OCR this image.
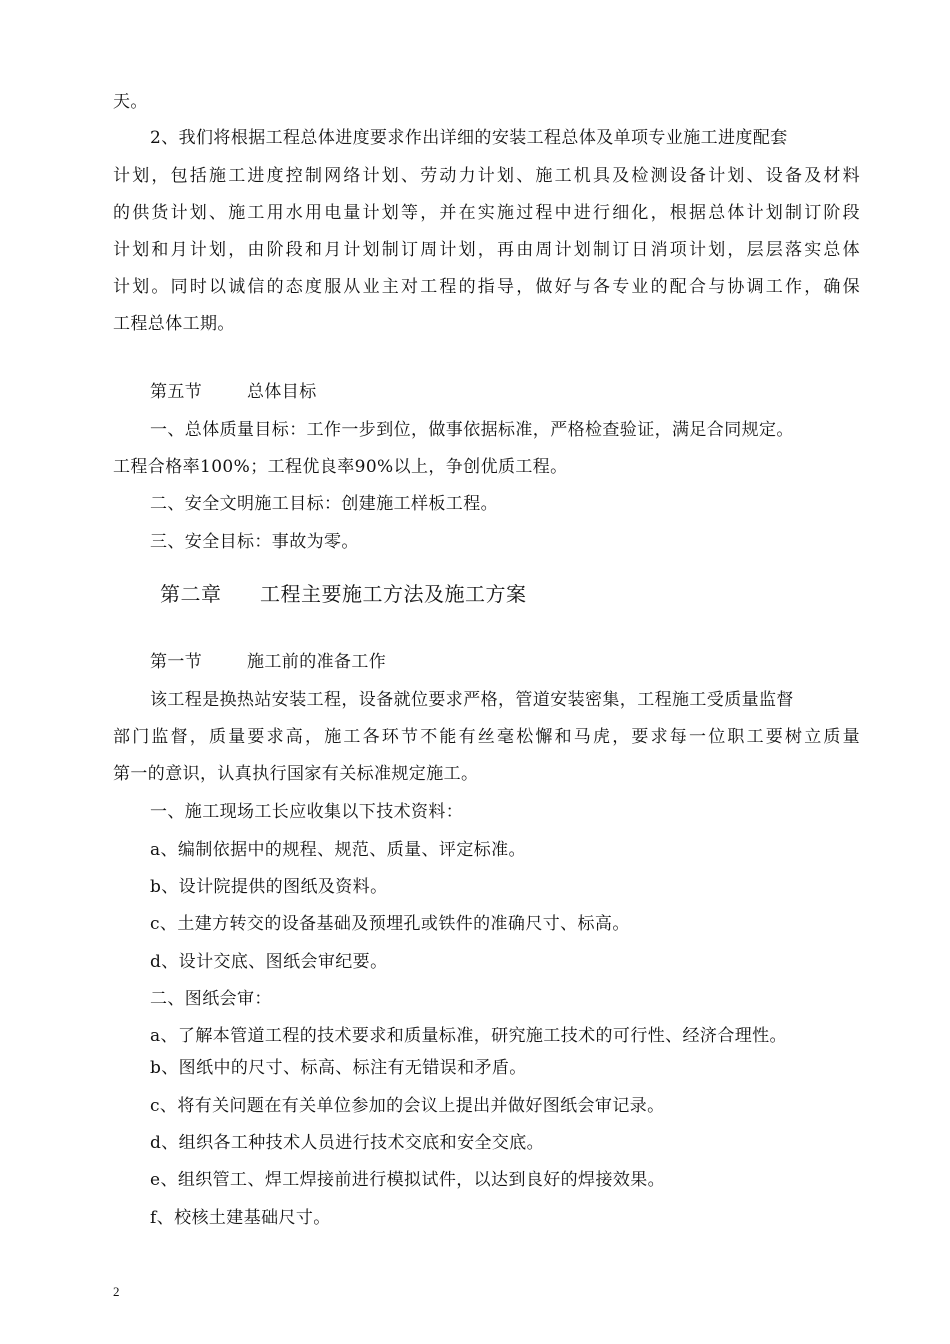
天。
2、我们将根据工程总体进度要求作出详细的安装工程总体及单项专业施工进度配套
计划，包括施工进度控制网络计划、劳动力计划、施工机具及检测设备计划、设备及材料
的供货计划、施工用水用电量计划等，并在实施过程中进行细化，根据总体计划制订阶段
计划和月计划，由阶段和月计划制订周计划，再由周计划制订日消项计划，层层落实总体
计划。同时以诚信的态度服从业主对工程的指导，做好与各专业的配合与协调工作，确保
工程总体工期。
第五节	总体目标
一、总体质量目标：工作一步到位，做事依据标准，严格检查验证，满足合同规定。
工程合格率100%；工程优良率90%以上，争创优质工程。
二、安全文明施工目标：创建施工样板工程。
三、安全目标：事故为零。
第二章 工程主要施工方法及施工方案
第一节	施工前的准备工作
该工程是换热站安装工程，设备就位要求严格，管道安装密集，工程施工受质量监督
部门监督，质量要求高，施工各环节不能有丝毫松懈和马虎，要求每一位职工要树立质量
第一的意识，认真执行国家有关标准规定施工。
一、施工现场工长应收集以下技术资料：
a、编制依据中的规程、规范、质量、评定标准。
b、设计院提供的图纸及资料。
c、土建方转交的设备基础及预埋孔或铁件的准确尺寸、标高。
d、设计交底、图纸会审纪要。
二、图纸会审：
a、了解本管道工程的技术要求和质量标准，研究施工技术的可行性、经济合理性。
b、图纸中的尺寸、标高、标注有无错误和矛盾。
c、将有关问题在有关单位参加的会议上提出并做好图纸会审记录。
d、组织各工种技术人员进行技术交底和安全交底。
e、组织管工、焊工焊接前进行模拟试件，以达到良好的焊接效果。
f、校核土建基础尺寸。
2
